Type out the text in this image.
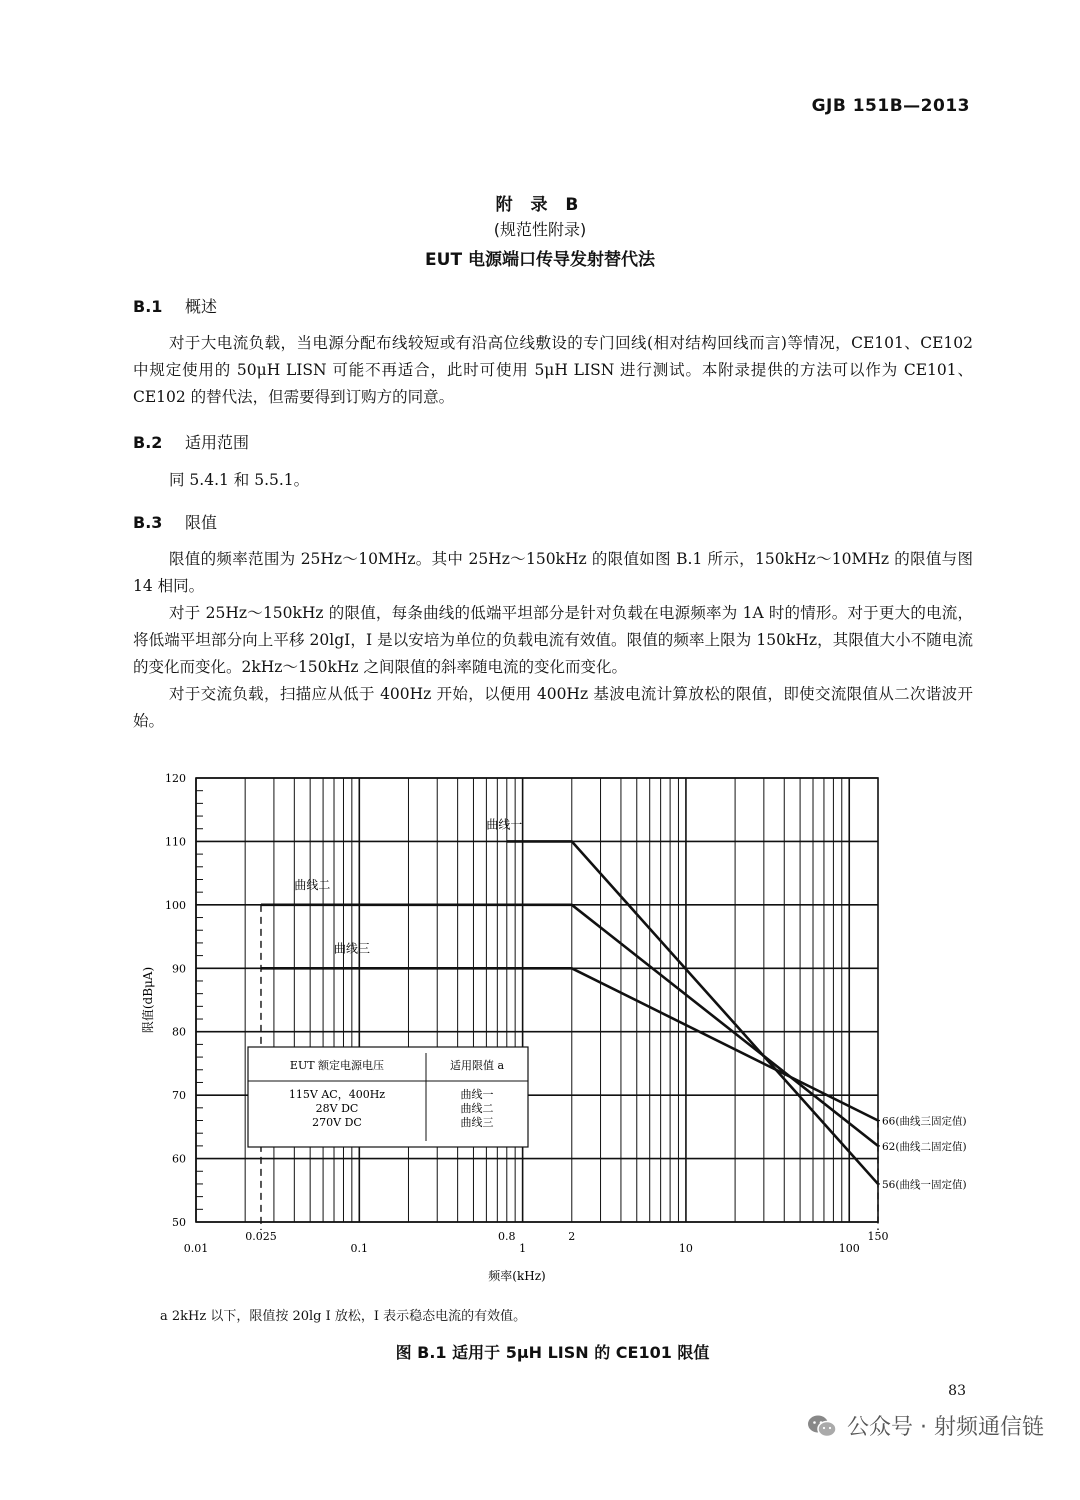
GJB 151B—2013
附 录 B
(规范性附录)
EUT 电源端口传导发射替代法
B.1 概述

对于大电流负载，当电源分配布线较短或有沿高位线敷设的专门回线(相对结构回线而言)等情况，CE101、CE102 中规定使用的 50μH LISN 可能不再适合，此时可使用 5μH LISN 进行测试。本附录提供的方法可以作为 CE101、CE102 的替代法，但需要得到订购方的同意。

B.2 适用范围

同 5.4.1 和 5.5.1。

B.3 限值

限值的频率范围为 25Hz～10MHz。其中 25Hz～150kHz 的限值如图 B.1 所示，150kHz～10MHz 的限值与图 14 相同。

对于 25Hz～150kHz 的限值，每条曲线的低端平坦部分是针对负载在电源频率为 1A 时的情形。对于更大的电流，将低端平坦部分向上平移 20lgI，I 是以安培为单位的负载电流有效值。限值的频率上限为 150kHz，其限值大小不随电流的变化而变化。2kHz～150kHz 之间限值的斜率随电流的变化而变化。

对于交流负载，扫描应从低于 400Hz 开始，以便用 400Hz 基波电流计算放松的限值，即使交流限值从二次谐波开始。

50
60
70
80
90
100
110
120
0.01
0.025
0.1
0.8
1
2
10	100
150
频率(kHz)
限值(dBμA)
曲线一
曲线二
曲线三
66(曲线三固定值)
62(曲线二固定值)
56(曲线一固定值)
EUT 额定电源电压	适用限值 a
115V AC，400Hz	曲线一
28V DC	曲线二
270V DC	曲线三
a 2kHz 以下，限值按 20lg I 放松，I 表示稳态电流的有效值。
图 B.1 适用于 5μH LISN 的 CE101 限值
83
公众号 · 射频通信链
